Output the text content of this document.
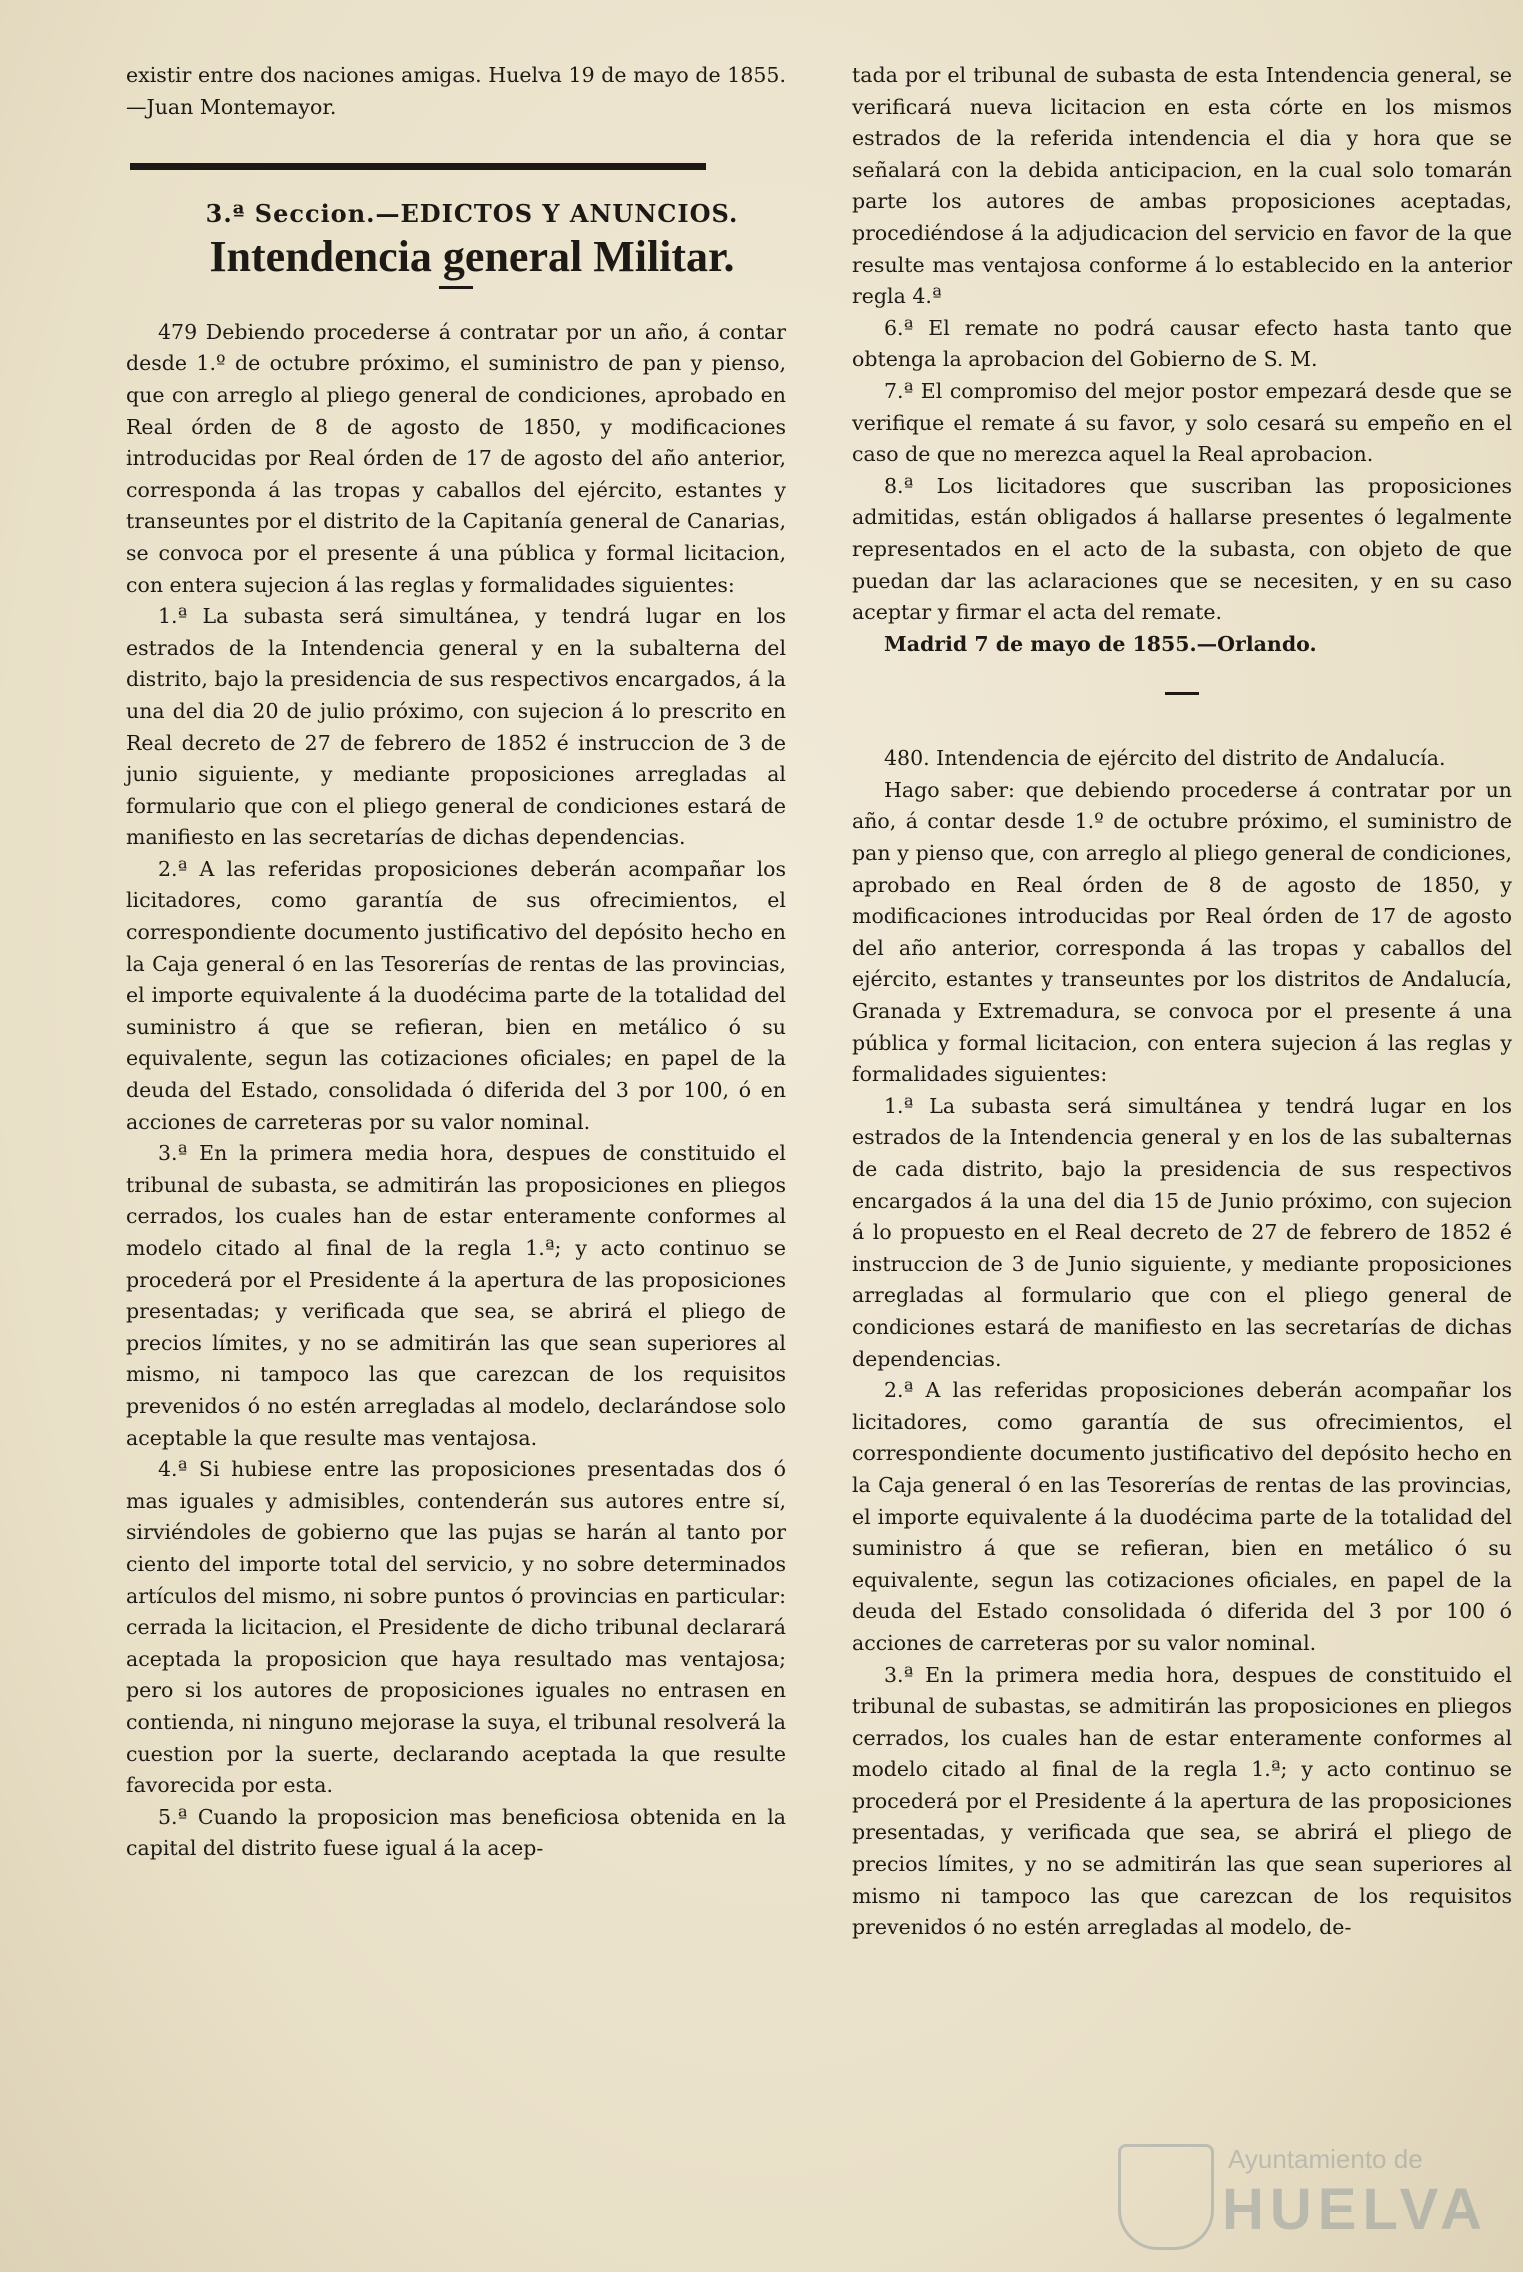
existir entre dos naciones amigas. Huelva 19 de mayo de 1855.—Juan Montemayor.

3.ª Seccion.—EDICTOS Y ANUNCIOS.

Intendencia general Militar.

479 Debiendo procederse á contratar por un año, á contar desde 1.º de octubre próximo, el suministro de pan y pienso, que con arreglo al pliego general de condiciones, aprobado en Real órden de 8 de agosto de 1850, y modificaciones introducidas por Real órden de 17 de agosto del año anterior, corresponda á las tropas y caballos del ejército, estantes y transeuntes por el distrito de la Capitanía general de Canarias, se convoca por el presente á una pública y formal licitacion, con entera sujecion á las reglas y formalidades siguientes:

1.ª La subasta será simultánea, y tendrá lugar en los estrados de la Intendencia general y en la subalterna del distrito, bajo la presidencia de sus respectivos encargados, á la una del dia 20 de julio próximo, con sujecion á lo prescrito en Real decreto de 27 de febrero de 1852 é instruccion de 3 de junio siguiente, y mediante proposiciones arregladas al formulario que con el pliego general de condiciones estará de manifiesto en las secretarías de dichas dependencias.

2.ª A las referidas proposiciones deberán acompañar los licitadores, como garantía de sus ofrecimientos, el correspondiente documento justificativo del depósito hecho en la Caja general ó en las Tesorerías de rentas de las provincias, el importe equivalente á la duodécima parte de la totalidad del suministro á que se refieran, bien en metálico ó su equivalente, segun las cotizaciones oficiales; en papel de la deuda del Estado, consolidada ó diferida del 3 por 100, ó en acciones de carreteras por su valor nominal.

3.ª En la primera media hora, despues de constituido el tribunal de subasta, se admitirán las proposiciones en pliegos cerrados, los cuales han de estar enteramente conformes al modelo citado al final de la regla 1.ª; y acto continuo se procederá por el Presidente á la apertura de las proposiciones presentadas; y verificada que sea, se abrirá el pliego de precios límites, y no se admitirán las que sean superiores al mismo, ni tampoco las que carezcan de los requisitos prevenidos ó no estén arregladas al modelo, declarándose solo aceptable la que resulte mas ventajosa.

4.ª Si hubiese entre las proposiciones presentadas dos ó mas iguales y admisibles, contenderán sus autores entre sí, sirviéndoles de gobierno que las pujas se harán al tanto por ciento del importe total del servicio, y no sobre determinados artículos del mismo, ni sobre puntos ó provincias en particular: cerrada la licitacion, el Presidente de dicho tribunal declarará aceptada la proposicion que haya resultado mas ventajosa; pero si los autores de proposiciones iguales no entrasen en contienda, ni ninguno mejorase la suya, el tribunal resolverá la cuestion por la suerte, declarando aceptada la que resulte favorecida por esta.

5.ª Cuando la proposicion mas beneficiosa obtenida en la capital del distrito fuese igual á la acep-

tada por el tribunal de subasta de esta Intendencia general, se verificará nueva licitacion en esta córte en los mismos estrados de la referida intendencia el dia y hora que se señalará con la debida anticipacion, en la cual solo tomarán parte los autores de ambas proposiciones aceptadas, procediéndose á la adjudicacion del servicio en favor de la que resulte mas ventajosa conforme á lo establecido en la anterior regla 4.ª

6.ª El remate no podrá causar efecto hasta tanto que obtenga la aprobacion del Gobierno de S. M.

7.ª El compromiso del mejor postor empezará desde que se verifique el remate á su favor, y solo cesará su empeño en el caso de que no merezca aquel la Real aprobacion.

8.ª Los licitadores que suscriban las proposiciones admitidas, están obligados á hallarse presentes ó legalmente representados en el acto de la subasta, con objeto de que puedan dar las aclaraciones que se necesiten, y en su caso aceptar y firmar el acta del remate.

Madrid 7 de mayo de 1855.—Orlando.

480. Intendencia de ejército del distrito de Andalucía.

Hago saber: que debiendo procederse á contratar por un año, á contar desde 1.º de octubre próximo, el suministro de pan y pienso que, con arreglo al pliego general de condiciones, aprobado en Real órden de 8 de agosto de 1850, y modificaciones introducidas por Real órden de 17 de agosto del año anterior, corresponda á las tropas y caballos del ejército, estantes y transeuntes por los distritos de Andalucía, Granada y Extremadura, se convoca por el presente á una pública y formal licitacion, con entera sujecion á las reglas y formalidades siguientes:

1.ª La subasta será simultánea y tendrá lugar en los estrados de la Intendencia general y en los de las subalternas de cada distrito, bajo la presidencia de sus respectivos encargados á la una del dia 15 de Junio próximo, con sujecion á lo propuesto en el Real decreto de 27 de febrero de 1852 é instruccion de 3 de Junio siguiente, y mediante proposiciones arregladas al formulario que con el pliego general de condiciones estará de manifiesto en las secretarías de dichas dependencias.

2.ª A las referidas proposiciones deberán acompañar los licitadores, como garantía de sus ofrecimientos, el correspondiente documento justificativo del depósito hecho en la Caja general ó en las Tesorerías de rentas de las provincias, el importe equivalente á la duodécima parte de la totalidad del suministro á que se refieran, bien en metálico ó su equivalente, segun las cotizaciones oficiales, en papel de la deuda del Estado consolidada ó diferida del 3 por 100 ó acciones de carreteras por su valor nominal.

3.ª En la primera media hora, despues de constituido el tribunal de subastas, se admitirán las proposiciones en pliegos cerrados, los cuales han de estar enteramente conformes al modelo citado al final de la regla 1.ª; y acto continuo se procederá por el Presidente á la apertura de las proposiciones presentadas, y verificada que sea, se abrirá el pliego de precios límites, y no se admitirán las que sean superiores al mismo ni tampoco las que carezcan de los requisitos prevenidos ó no estén arregladas al modelo, de-

Ayuntamiento de
HUELVA
